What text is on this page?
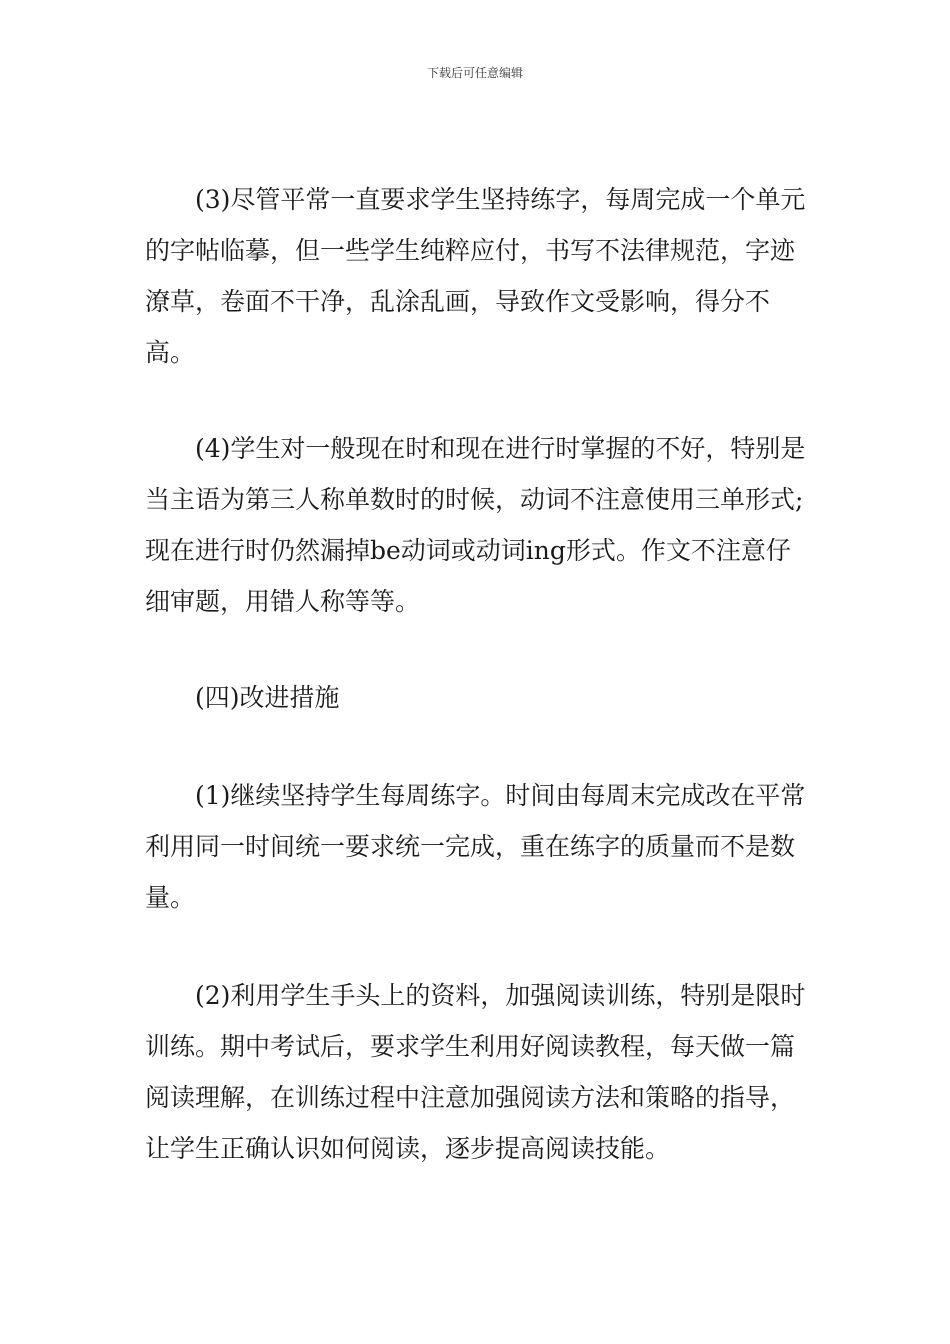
下载后可任意编辑

(3)尽管平常一直要求学生坚持练字，每周完成一个单元的字帖临摹，但一些学生纯粹应付，书写不法律规范，字迹潦草，卷面不干净，乱涂乱画，导致作文受影响，得分不高。

(4)学生对一般现在时和现在进行时掌握的不好，特别是当主语为第三人称单数时的时候，动词不注意使用三单形式;现在进行时仍然漏掉be动词或动词ing形式。作文不注意仔细审题，用错人称等等。

(四)改进措施

(1)继续坚持学生每周练字。时间由每周末完成改在平常利用同一时间统一要求统一完成，重在练字的质量而不是数量。

(2)利用学生手头上的资料，加强阅读训练，特别是限时训练。期中考试后，要求学生利用好阅读教程，每天做一篇阅读理解，在训练过程中注意加强阅读方法和策略的指导，让学生正确认识如何阅读，逐步提高阅读技能。
